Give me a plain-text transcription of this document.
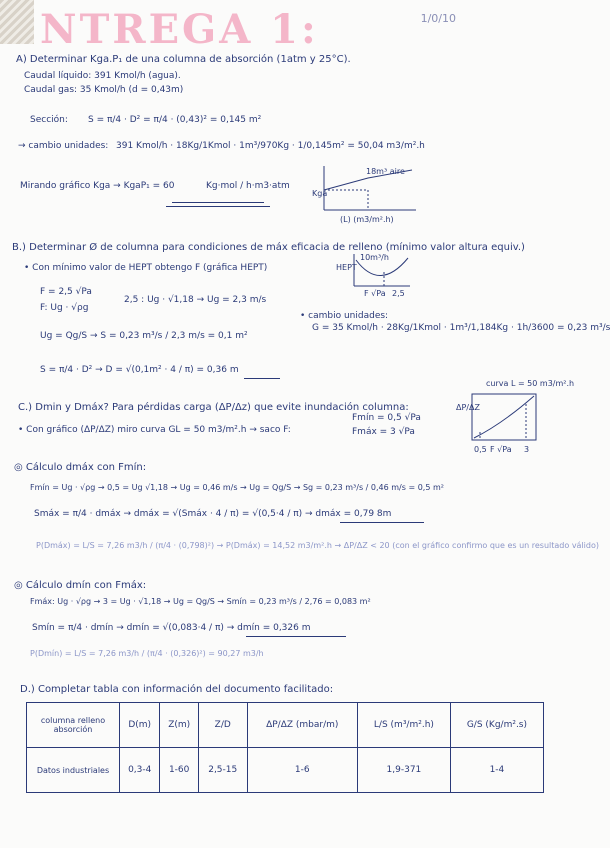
NTREGA 1:	1/0/10
A) Determinar Kga.P₁ de una columna de absorción (1atm y 25°C).
Caudal líquido: 391 Kmol/h (agua).
Caudal gas: 35 Kmol/h (d = 0,43m)
Sección: S = π/4 · D² = π/4 · (0,43)² = 0,145 m²
→ cambio unidades: 391 Kmol/h · 18Kg/1Kmol · 1m³/970Kg · 1/0,145m² = 50,04 m3/m².h
Mirando gráfico Kga → KgaP₁ = 60	Kg·mol / h·m3·atm
Kga
18m³ aire
(L) (m3/m².h)
B.) Determinar Ø de columna para condiciones de máx eficacia de relleno (mínimo valor altura equiv.)
• Con mínimo valor de HEPT obtengo F (gráfica HEPT)	HEPT
10m³/h
F √Pa 2,5
F = 2,5 √Pa
F: Ug · √ρg
2,5 : Ug · √1,18 → Ug = 2,3 m/s
Ug = Qg/S → S = 0,23 m³/s / 2,3 m/s = 0,1 m²
• cambio unidades:
G = 35 Kmol/h · 28Kg/1Kmol · 1m³/1,184Kg · 1h/3600 = 0,23 m³/s
S = π/4 · D² → D = √(0,1m² · 4 / π) = 0,36 m
C.) Dmin y Dmáx? Para pérdidas carga (ΔP/Δz) que evite inundación columna:
• Con gráfico (ΔP/ΔZ) miro curva GL = 50 m3/m².h → saco F:
Fmín = 0,5 √Pa
Fmáx = 3 √Pa
curva L = 50 m3/m².h
ΔP/ΔZ
F √Pa
0,5	3
◎ Cálculo dmáx con Fmín:
Fmín = Ug · √ρg → 0,5 = Ug √1,18 → Ug = 0,46 m/s → Ug = Qg/S → Sg = 0,23 m³/s / 0,46 m/s = 0,5 m²
Smáx = π/4 · dmáx → dmáx = √(Smáx · 4 / π) = √(0,5·4 / π) → dmáx = 0,79 8m
P(Dmáx) = L/S = 7,26 m3/h / (π/4 · (0,798)²) → P(Dmáx) = 14,52 m3/m².h → ΔP/ΔZ < 20 (con el gráfico confirmo que es un resultado válido)
◎ Cálculo dmín con Fmáx:
Fmáx: Ug · √ρg → 3 = Ug · √1,18 → Ug = Qg/S → Smín = 0,23 m³/s / 2,76 = 0,083 m²
Smín = π/4 · dmín → dmín = √(0,083·4 / π) → dmín = 0,326 m
P(Dmín) = L/S = 7,26 m3/h / (π/4 · (0,326)²) = 90,27 m3/h
D.) Completar tabla con información del documento facilitado:
columna relleno absorción	D(m)	Z(m)	Z/D	ΔP/ΔZ (mbar/m)	L/S (m³/m².h)	G/S (Kg/m².s)
Datos industriales	0,3-4	1-60	2,5-15	1-6	1,9-371	1-4
